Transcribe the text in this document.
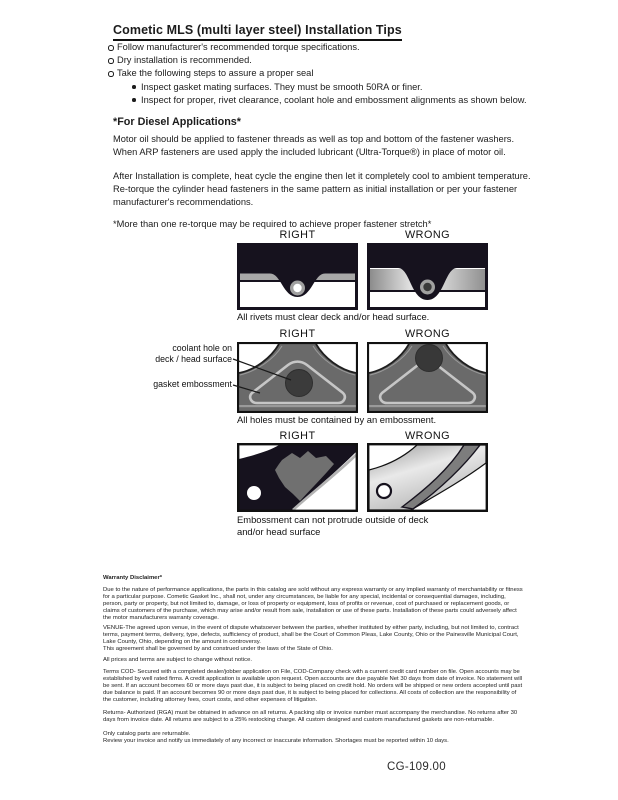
Cometic MLS (multi layer steel) Installation Tips
Follow manufacturer's recommended torque specifications.
Dry installation is recommended.
Take the following steps to assure a proper seal
Inspect gasket mating surfaces. They must be smooth 50RA or finer.
Inspect for proper, rivet clearance, coolant hole and embossment alignments as shown below.
*For Diesel Applications*

Motor oil should be applied to fastener threads as well as top and bottom of the fastener washers. When ARP fasteners are used apply the included lubricant (Ultra-Torque®) in place of motor oil.

After Installation is complete, heat cycle the engine then let it completely cool to ambient temperature. Re-torque the cylinder head fasteners in the same pattern as initial installation or per your fastener manufacturer's recommendations.

*More than one re-torque may be required to achieve proper fastener stretch*

RIGHT	WRONG
All rivets must clear deck and/or head surface.
RIGHT	WRONG
coolant hole on
deck / head surface
gasket embossment
All holes must be contained by an embossment.
RIGHT	WRONG
Embossment can not protrude outside of deck
and/or head surface
Warranty Disclaimer*

Due to the nature of performance applications, the parts in this catalog are sold without any express warranty or any implied warranty of merchantability or fitness for a particular purpose. Cometic Gasket Inc., shall not, under any circumstances, be liable for any special, incidental or consequential damages, including, person, party or property, but not limited to, damage, or loss of property or equipment, loss of profits or revenue, cost of purchased or replacement goods, or claims of customers of the purchase, which may arise and/or result from sale, installation or use of these parts. Installation of these parts could adversely affect the motor manufacturers warranty coverage.

VENUE-The agreed upon venue, in the event of dispute whatsoever between the parties, whether instituted by either party, including, but not limited to, contract terms, payment terms, delivery, type, defects, sufficiency of product, shall be the Court of Common Pleas, Lake County, Ohio or the Painesville Municipal Court, Lake County, Ohio, depending on the amount in controversy.
This agreement shall be governed by and construed under the laws of the State of Ohio.

All prices and terms are subject to change without notice.

Terms COD- Secured with a completed dealer/jobber application on File, COD-Company check with a current credit card number on file. Open accounts may be established by well rated firms. A credit application is available upon request. Open accounts are due payable Net 30 days from date of invoice. No statement will be sent. If an account becomes 60 or more days past due, it is subject to being placed on credit hold. No orders will be shipped or new orders accepted until past due balance is paid. If an account becomes 90 or more days past due, it is subject to being placed for collections. All costs of collection are the responsibility of the customer, including attorney fees, court costs, and other expenses of litigation.

Returns- Authorized (RGA) must be obtained in advance on all returns. A packing slip or invoice number must accompany the merchandise. No returns after 30 days from invoice date. All returns are subject to a 25% restocking charge. All custom designed and custom manufactured gaskets are non-returnable.

Only catalog parts are returnable.
Review your invoice and notify us immediately of any incorrect or inaccurate information. Shortages must be reported within 10 days.
CG-109.00
